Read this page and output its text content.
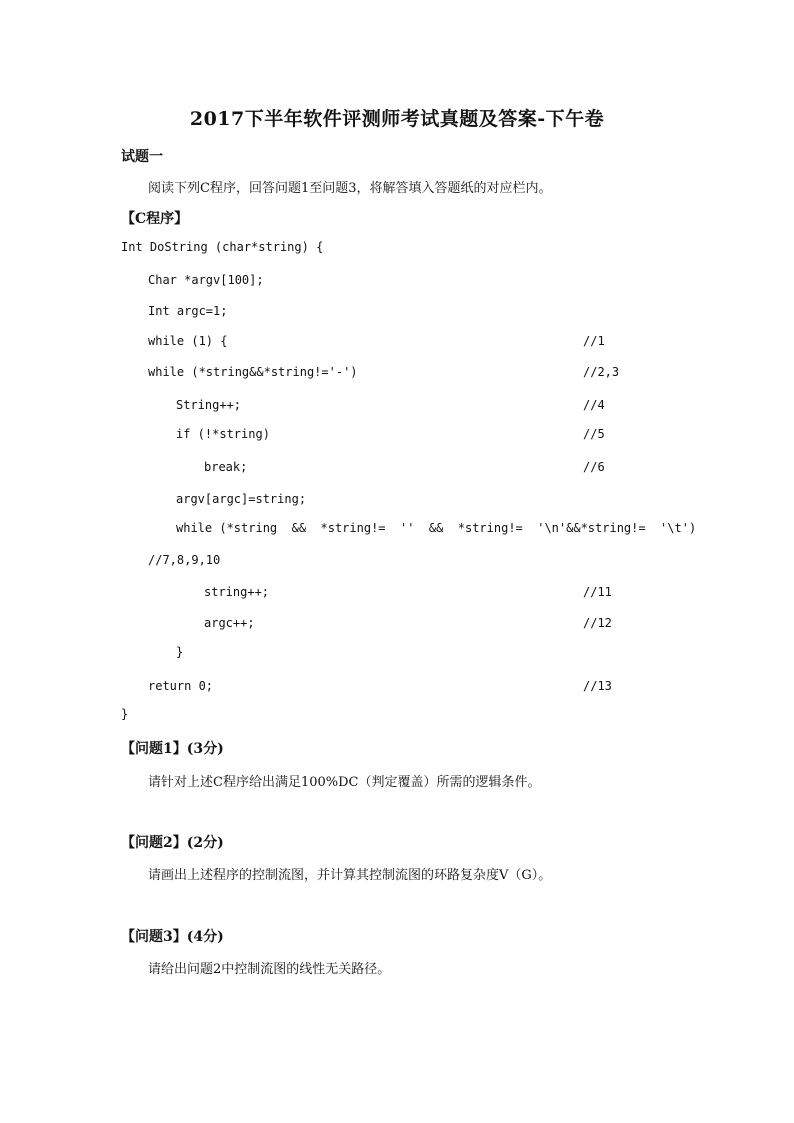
2017下半年软件评测师考试真题及答案-下午卷
试题一
阅读下列C程序，回答问题1至问题3，将解答填入答题纸的对应栏内。
【C程序】
Int DoString (char*string) {
Char *argv[100];
Int argc=1;
while (1) {	//1
while (*string&&*string!='-')	//2,3
String++;	//4
if (!*string)	//5
break;	//6
argv[argc]=string;
while (*string  &&  *string!=  ''  &&  *string!=  '\n'&&*string!=  '\t')
//7,8,9,10
string++;	//11
argc++;	//12
}
return 0;	//13
}
【问题1】(3分)
请针对上述C程序给出满足100%DC（判定覆盖）所需的逻辑条件。
【问题2】(2分)
请画出上述程序的控制流图，并计算其控制流图的环路复杂度V（G）。
【问题3】(4分)
请给出问题2中控制流图的线性无关路径。
